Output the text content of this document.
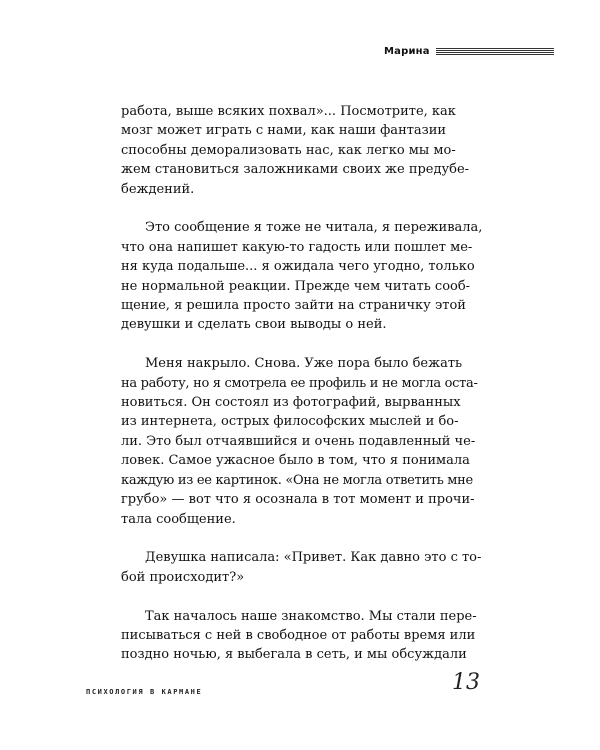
Марина

работа, выше всяких похвал»... Посмотрите, как
мозг может играть с нами, как наши фантазии
способны деморализовать нас, как легко мы мо-
жем становиться заложниками своих же предубе-
беждений.

Это сообщение я тоже не читала, я переживала,
что она напишет какую-то гадость или пошлет ме-
ня куда подальше... я ожидала чего угодно, только
не нормальной реакции. Прежде чем читать сооб-
щение, я решила просто зайти на страничку этой
девушки и сделать свои выводы о ней.

Меня накрыло. Снова. Уже пора было бежать
на работу, но я смотрела ее профиль и не могла оста-
новиться. Он состоял из фотографий, вырванных
из интернета, острых философских мыслей и бо-
ли. Это был отчаявшийся и очень подавленный че-
ловек. Самое ужасное было в том, что я понимала
каждую из ее картинок. «Она не могла ответить мне
грубо» — вот что я осознала в тот момент и прочи-
тала сообщение.

Девушка написала: «Привет. Как давно это с то-
бой происходит?»

Так началось наше знакомство. Мы стали пере-
писываться с ней в свободное от работы время или
поздно ночью, я выбегала в сеть, и мы обсуждали

ПСИХОЛОГИЯ В КАРМАНЕ	13
